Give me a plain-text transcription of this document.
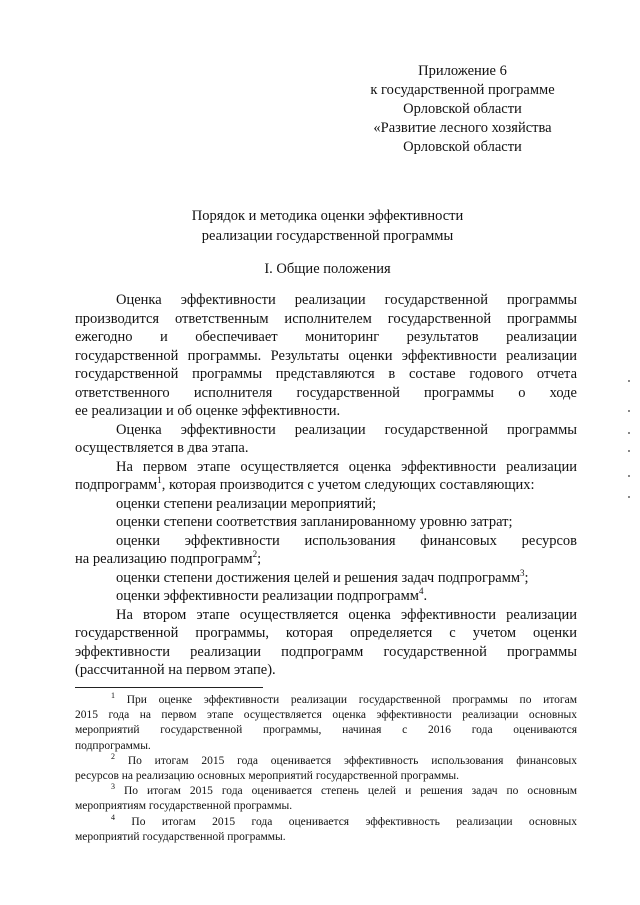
Приложение 6
к государственной программе
Орловской области
«Развитие лесного хозяйства
Орловской области
Порядок и методика оценки эффективности
реализации государственной программы
I. Общие положения
Оценка эффективности реализации государственной программы
производится ответственным исполнителем государственной программы
ежегодно и обеспечивает мониторинг результатов реализации
государственной программы. Результаты оценки эффективности реализации
государственной программы представляются в составе годового отчета
ответственного исполнителя государственной программы о ходе
ее реализации и об оценке эффективности.
Оценка эффективности реализации государственной программы
осуществляется в два этапа.
На первом этапе осуществляется оценка эффективности реализации
подпрограмм$^1$, которая производится с учетом следующих составляющих:
оценки степени реализации мероприятий;
оценки степени соответствия запланированному уровню затрат;
оценки эффективности использования финансовых ресурсов
на реализацию подпрограмм$^2$;
оценки степени достижения целей и решения задач подпрограмм$^3$;
оценки эффективности реализации подпрограмм$^4$.
На втором этапе осуществляется оценка эффективности реализации
государственной программы, которая определяется с учетом оценки
эффективности реализации подпрограмм государственной программы
(рассчитанной на первом этапе).
$^1$ При оценке эффективности реализации государственной программы по итогам
2015 года на первом этапе осуществляется оценка эффективности реализации основных
мероприятий государственной программы, начиная с 2016 года оцениваются
подпрограммы.
$^2$ По итогам 2015 года оценивается эффективность использования финансовых
ресурсов на реализацию основных мероприятий государственной программы.
$^3$ По итогам 2015 года оценивается степень целей и решения задач по основным
мероприятиям государственной программы.
$^4$ По итогам 2015 года оценивается эффективность реализации основных
мероприятий государственной программы.
